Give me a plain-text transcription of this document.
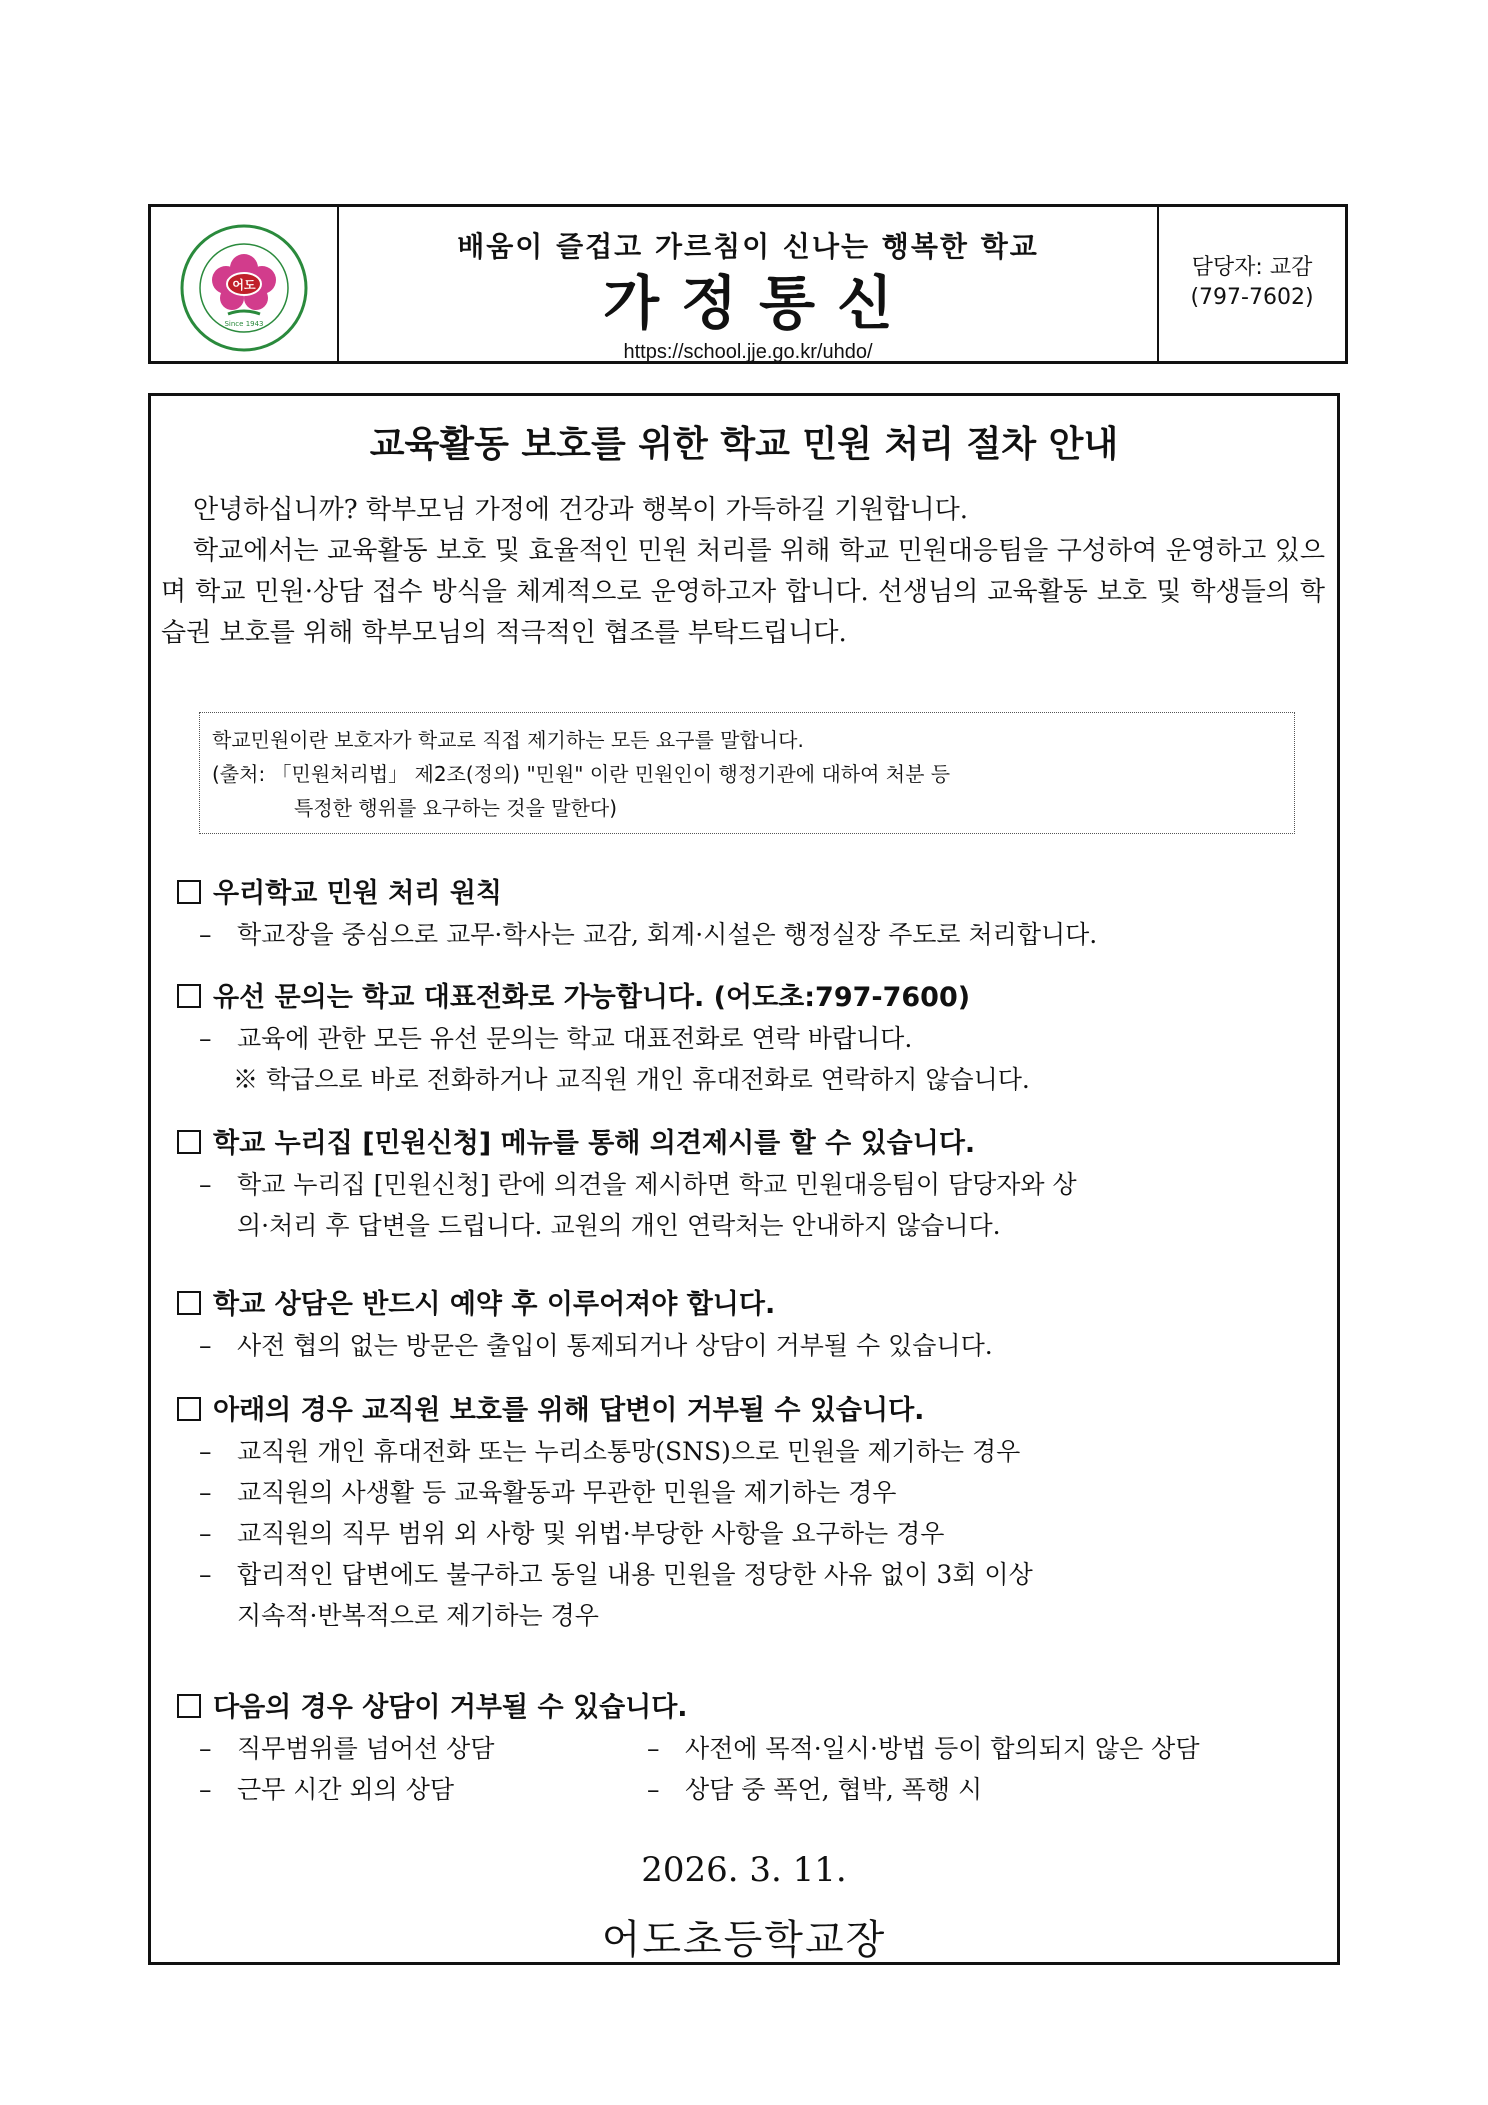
어도
Since 1943
배움이 즐겁고 가르침이 신나는 행복한 학교
가정통신
https://school.jje.go.kr/uhdo/
담당자: 교감
(797-7602)
교육활동 보호를 위한 학교 민원 처리 절차 안내

안녕하십니까? 학부모님 가정에 건강과 행복이 가득하길 기원합니다.

학교에서는 교육활동 보호 및 효율적인 민원 처리를 위해 학교 민원대응팀을 구성하여 운영하고 있으며 학교 민원·상담 접수 방식을 체계적으로 운영하고자 합니다. 선생님의 교육활동 보호 및 학생들의 학습권 보호를 위해 학부모님의 적극적인 협조를 부탁드립니다.

학교민원이란 보호자가 학교로 직접 제기하는 모든 요구를 말합니다.
(출처: 「민원처리법」 제2조(정의) "민원" 이란 민원인이 행정기관에 대하여 처분 등
특정한 행위를 요구하는 것을 말한다)
우리학교 민원 처리 원칙
– 학교장을 중심으로 교무·학사는 교감, 회계·시설은 행정실장 주도로 처리합니다.
유선 문의는 학교 대표전화로 가능합니다. (어도초:797-7600)
– 교육에 관한 모든 유선 문의는 학교 대표전화로 연락 바랍니다.
※ 학급으로 바로 전화하거나 교직원 개인 휴대전화로 연락하지 않습니다.
학교 누리집 [민원신청] 메뉴를 통해 의견제시를 할 수 있습니다.
– 학교 누리집 [민원신청] 란에 의견을 제시하면 학교 민원대응팀이 담당자와 상
의·처리 후 답변을 드립니다. 교원의 개인 연락처는 안내하지 않습니다.
학교 상담은 반드시 예약 후 이루어져야 합니다.
– 사전 협의 없는 방문은 출입이 통제되거나 상담이 거부될 수 있습니다.
아래의 경우 교직원 보호를 위해 답변이 거부될 수 있습니다.
– 교직원 개인 휴대전화 또는 누리소통망(SNS)으로 민원을 제기하는 경우
– 교직원의 사생활 등 교육활동과 무관한 민원을 제기하는 경우
– 교직원의 직무 범위 외 사항 및 위법·부당한 사항을 요구하는 경우
– 합리적인 답변에도 불구하고 동일 내용 민원을 정당한 사유 없이 3회 이상
지속적·반복적으로 제기하는 경우
다음의 경우 상담이 거부될 수 있습니다.
– 직무범위를 넘어선 상담	– 사전에 목적·일시·방법 등이 합의되지 않은 상담
– 근무 시간 외의 상담	– 상담 중 폭언, 협박, 폭행 시
2026. 3. 11.
어도초등학교장
